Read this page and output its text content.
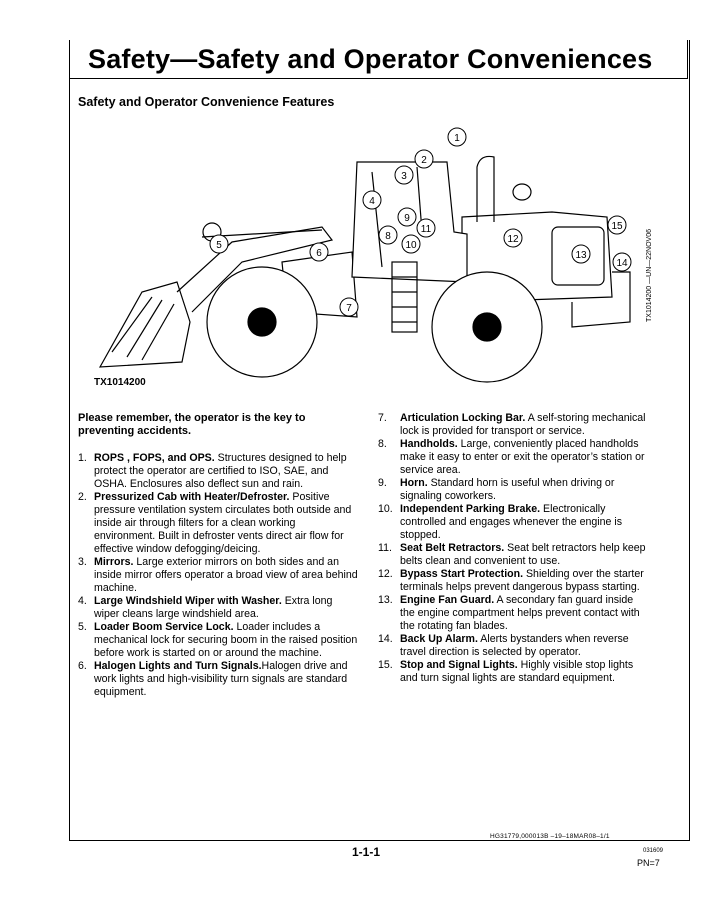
Safety—Safety and Operator Conveniences
Safety and Operator Convenience Features
1
2
3
4
5
6
7
8
9
10
11
12
13
14
15
TX1014200
TX1014200 —UN—22NOV06
Please remember, the operator is the key to preventing accidents.
1. ROPS , FOPS, and OPS. Structures designed to help protect the operator are certified to ISO, SAE, and OSHA. Enclosures also deflect sun and rain.
2. Pressurized Cab with Heater/Defroster. Positive pressure ventilation system circulates both outside and inside air through filters for a clean working environment. Built in defroster vents direct air flow for effective window defogging/deicing.
3. Mirrors. Large exterior mirrors on both sides and an inside mirror offers operator a broad view of area behind machine.
4. Large Windshield Wiper with Washer. Extra long wiper cleans large windshield area.
5. Loader Boom Service Lock. Loader includes a mechanical lock for securing boom in the raised position before work is started on or around the machine.
6. Halogen Lights and Turn Signals.Halogen drive and work lights and high-visibility turn signals are standard equipment.
7.	Articulation Locking Bar. A self-storing mechanical lock is provided for transport or service.
8.	Handholds. Large, conveniently placed handholds make it easy to enter or exit the operator’s station or service area.
9.	Horn. Standard horn is useful when driving or signaling coworkers.
10. Independent Parking Brake. Electronically controlled and engages whenever the engine is stopped.
11. Seat Belt Retractors. Seat belt retractors help keep belts clean and convenient to use.
12. Bypass Start Protection. Shielding over the starter terminals helps prevent dangerous bypass starting.
13. Engine Fan Guard. A secondary fan guard inside the engine compartment helps prevent contact with the rotating fan blades.
14. Back Up Alarm. Alerts bystanders when reverse travel direction is selected by operator.
15. Stop and Signal Lights. Highly visible stop lights and turn signal lights are standard equipment.
HG31779,000013B –19–18MAR08–1/1
1-1-1	031609
PN=7
